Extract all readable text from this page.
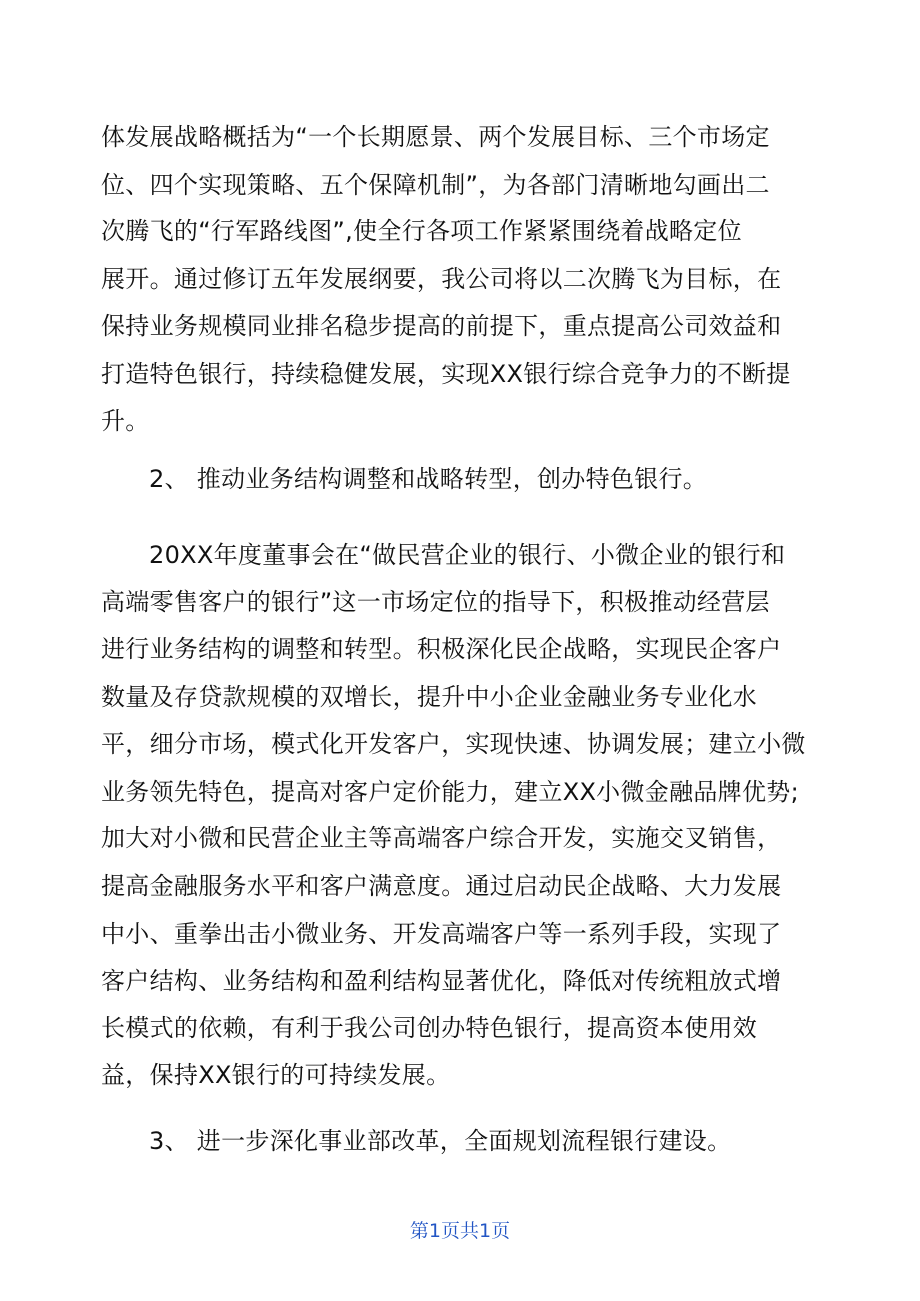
体发展战略概括为“一个长期愿景、两个发展目标、三个市场定
位、四个实现策略、五个保障机制”，为各部门清晰地勾画出二
次腾飞的“行军路线图”,使全行各项工作紧紧围绕着战略定位
展开。通过修订五年发展纲要，我公司将以二次腾飞为目标，在
保持业务规模同业排名稳步提高的前提下，重点提高公司效益和
打造特色银行，持续稳健发展，实现XX银行综合竞争力的不断提
升。
2、 推动业务结构调整和战略转型，创办特色银行。
20XX年度董事会在“做民营企业的银行、小微企业的银行和
高端零售客户的银行”这一市场定位的指导下，积极推动经营层
进行业务结构的调整和转型。积极深化民企战略，实现民企客户
数量及存贷款规模的双增长，提升中小企业金融业务专业化水
平，细分市场，模式化开发客户，实现快速、协调发展；建立小微
业务领先特色，提高对客户定价能力，建立XX小微金融品牌优势;
加大对小微和民营企业主等高端客户综合开发，实施交叉销售，
提高金融服务水平和客户满意度。通过启动民企战略、大力发展
中小、重拳出击小微业务、开发高端客户等一系列手段，实现了
客户结构、业务结构和盈利结构显著优化，降低对传统粗放式增
长模式的依赖，有利于我公司创办特色银行，提高资本使用效
益，保持XX银行的可持续发展。
3、 进一步深化事业部改革，全面规划流程银行建设。
第1页共1页
